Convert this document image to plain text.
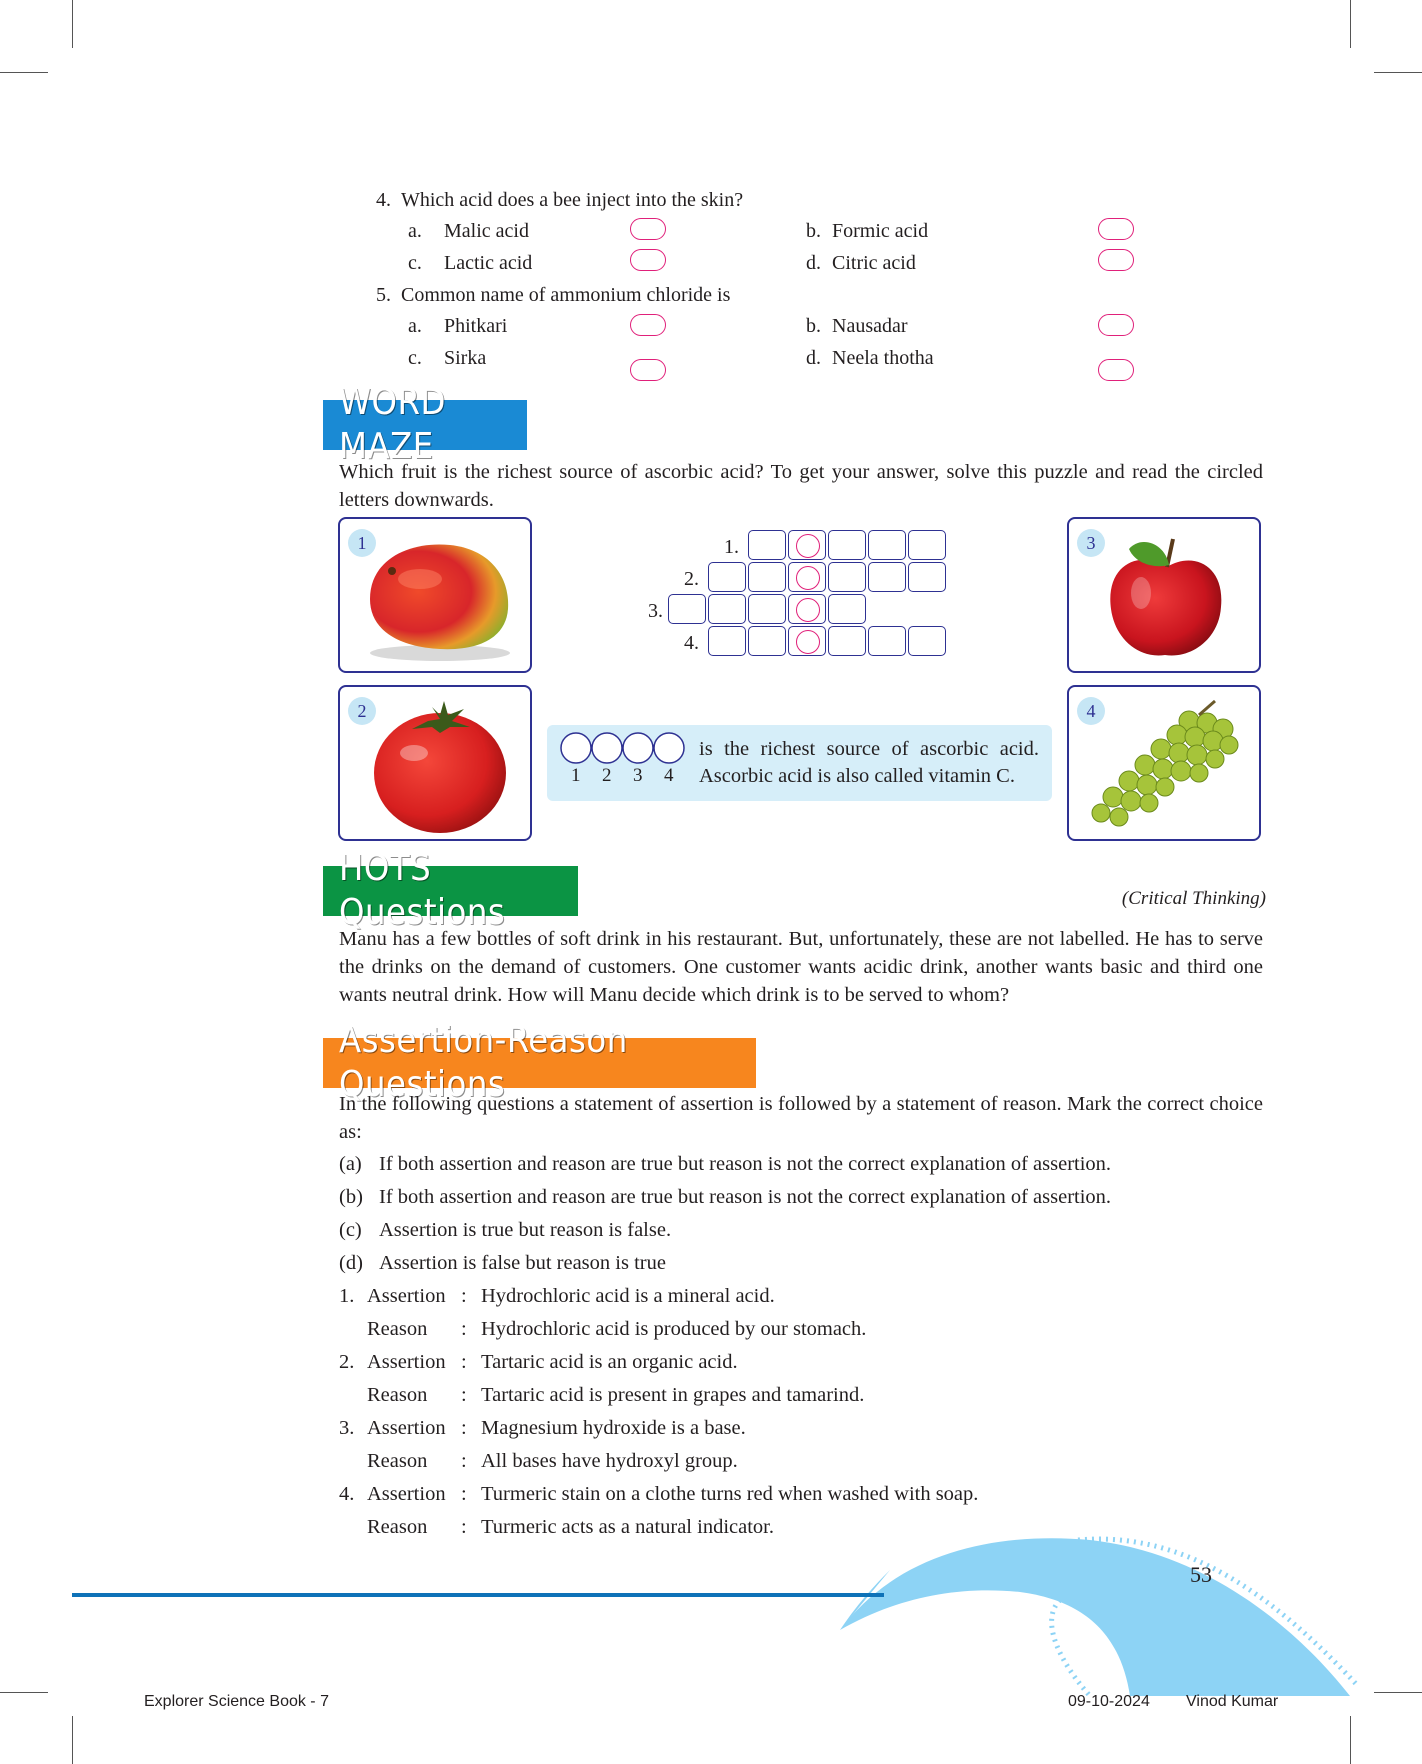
4. Which acid does a bee inject into the skin?
a. Malic acid	b. Formic acid
c. Lactic acid	d. Citric acid
5. Common name of ammonium chloride is
a. Phitkari	b. Nausadar
c. Sirka	d. Neela thotha
WORD MAZE
Which fruit is the richest source of ascorbic acid? To get your answer, solve this puzzle and read the circled letters downwards.
1
2
3
4
1.
2.
3.
4.
1 2 3 4
is the richest source of ascorbic acid.
Ascorbic acid is also called vitamin C.
HOTS Questions	(Critical Thinking)
Manu has a few bottles of soft drink in his restaurant. But, unfortunately, these are not labelled. He has to serve the drinks on the demand of customers. One customer wants acidic drink, another wants basic and third one wants neutral drink. How will Manu decide which drink is to be served to whom?
Assertion-Reason Questions
In the following questions a statement of assertion is followed by a statement of reason. Mark the correct choice as:
(a) If both assertion and reason are true but reason is not the correct explanation of assertion.
(b) If both assertion and reason are true but reason is not the correct explanation of assertion.
(c) Assertion is true but reason is false.
(d) Assertion is false but reason is true
1. Assertion : Hydrochloric acid is a mineral acid.
Reason : Hydrochloric acid is produced by our stomach.
2. Assertion : Tartaric acid is an organic acid.
Reason : Tartaric acid is present in grapes and tamarind.
3. Assertion : Magnesium hydroxide is a base.
Reason : All bases have hydroxyl group.
4. Assertion : Turmeric stain on a clothe turns red when washed with soap.
Reason : Turmeric acts as a natural indicator.
53
Explorer Science Book - 7	09-10-2024 Vinod Kumar
